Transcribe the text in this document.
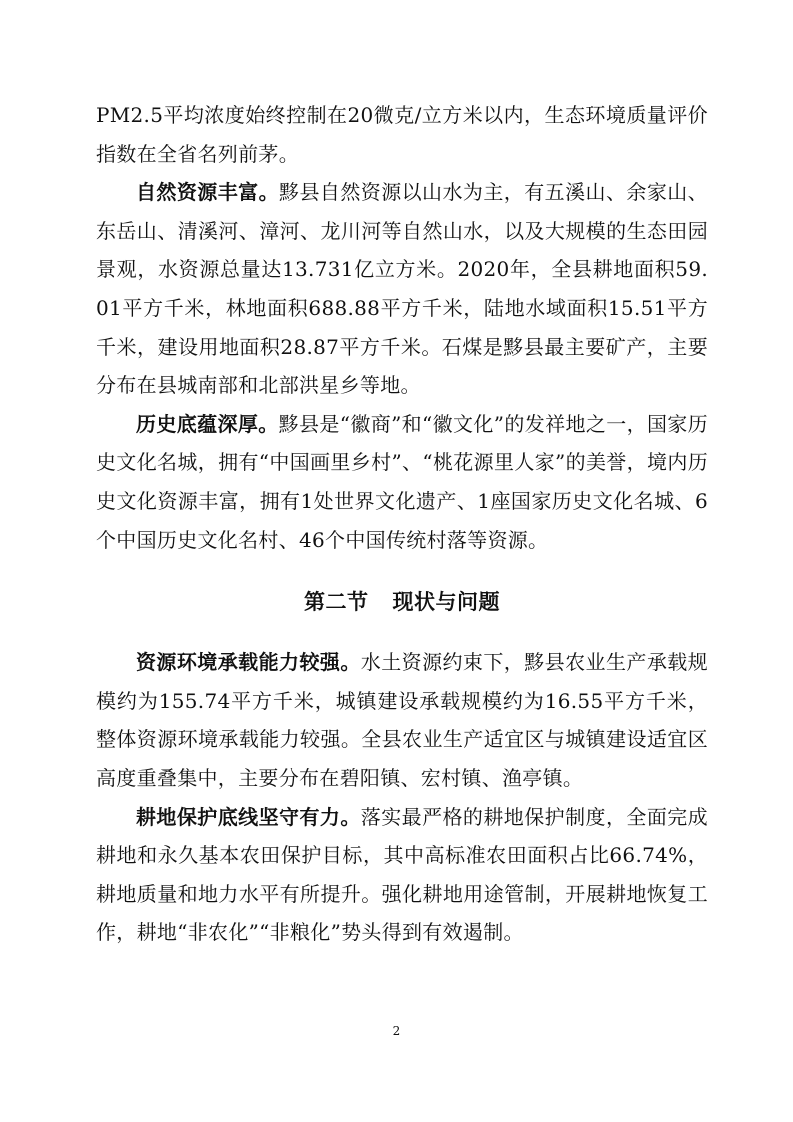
PM2.5平均浓度始终控制在20微克/立方米以内，生态环境质量评价指数在全省名列前茅。

自然资源丰富。黟县自然资源以山水为主，有五溪山、余家山、东岳山、清溪河、漳河、龙川河等自然山水，以及大规模的生态田园景观，水资源总量达13.731亿立方米。2020年，全县耕地面积59.01平方千米，林地面积688.88平方千米，陆地水域面积15.51平方千米，建设用地面积28.87平方千米。石煤是黟县最主要矿产，主要分布在县城南部和北部洪星乡等地。

历史底蕴深厚。黟县是“徽商”和“徽文化”的发祥地之一，国家历史文化名城，拥有“中国画里乡村”、“桃花源里人家”的美誉，境内历史文化资源丰富，拥有1处世界文化遗产、1座国家历史文化名城、6个中国历史文化名村、46个中国传统村落等资源。

第二节 现状与问题

资源环境承载能力较强。水土资源约束下，黟县农业生产承载规模约为155.74平方千米，城镇建设承载规模约为16.55平方千米，整体资源环境承载能力较强。全县农业生产适宜区与城镇建设适宜区高度重叠集中，主要分布在碧阳镇、宏村镇、渔亭镇。

耕地保护底线坚守有力。落实最严格的耕地保护制度，全面完成耕地和永久基本农田保护目标，其中高标准农田面积占比66.74%，耕地质量和地力水平有所提升。强化耕地用途管制，开展耕地恢复工作，耕地“非农化”“非粮化”势头得到有效遏制。

2
